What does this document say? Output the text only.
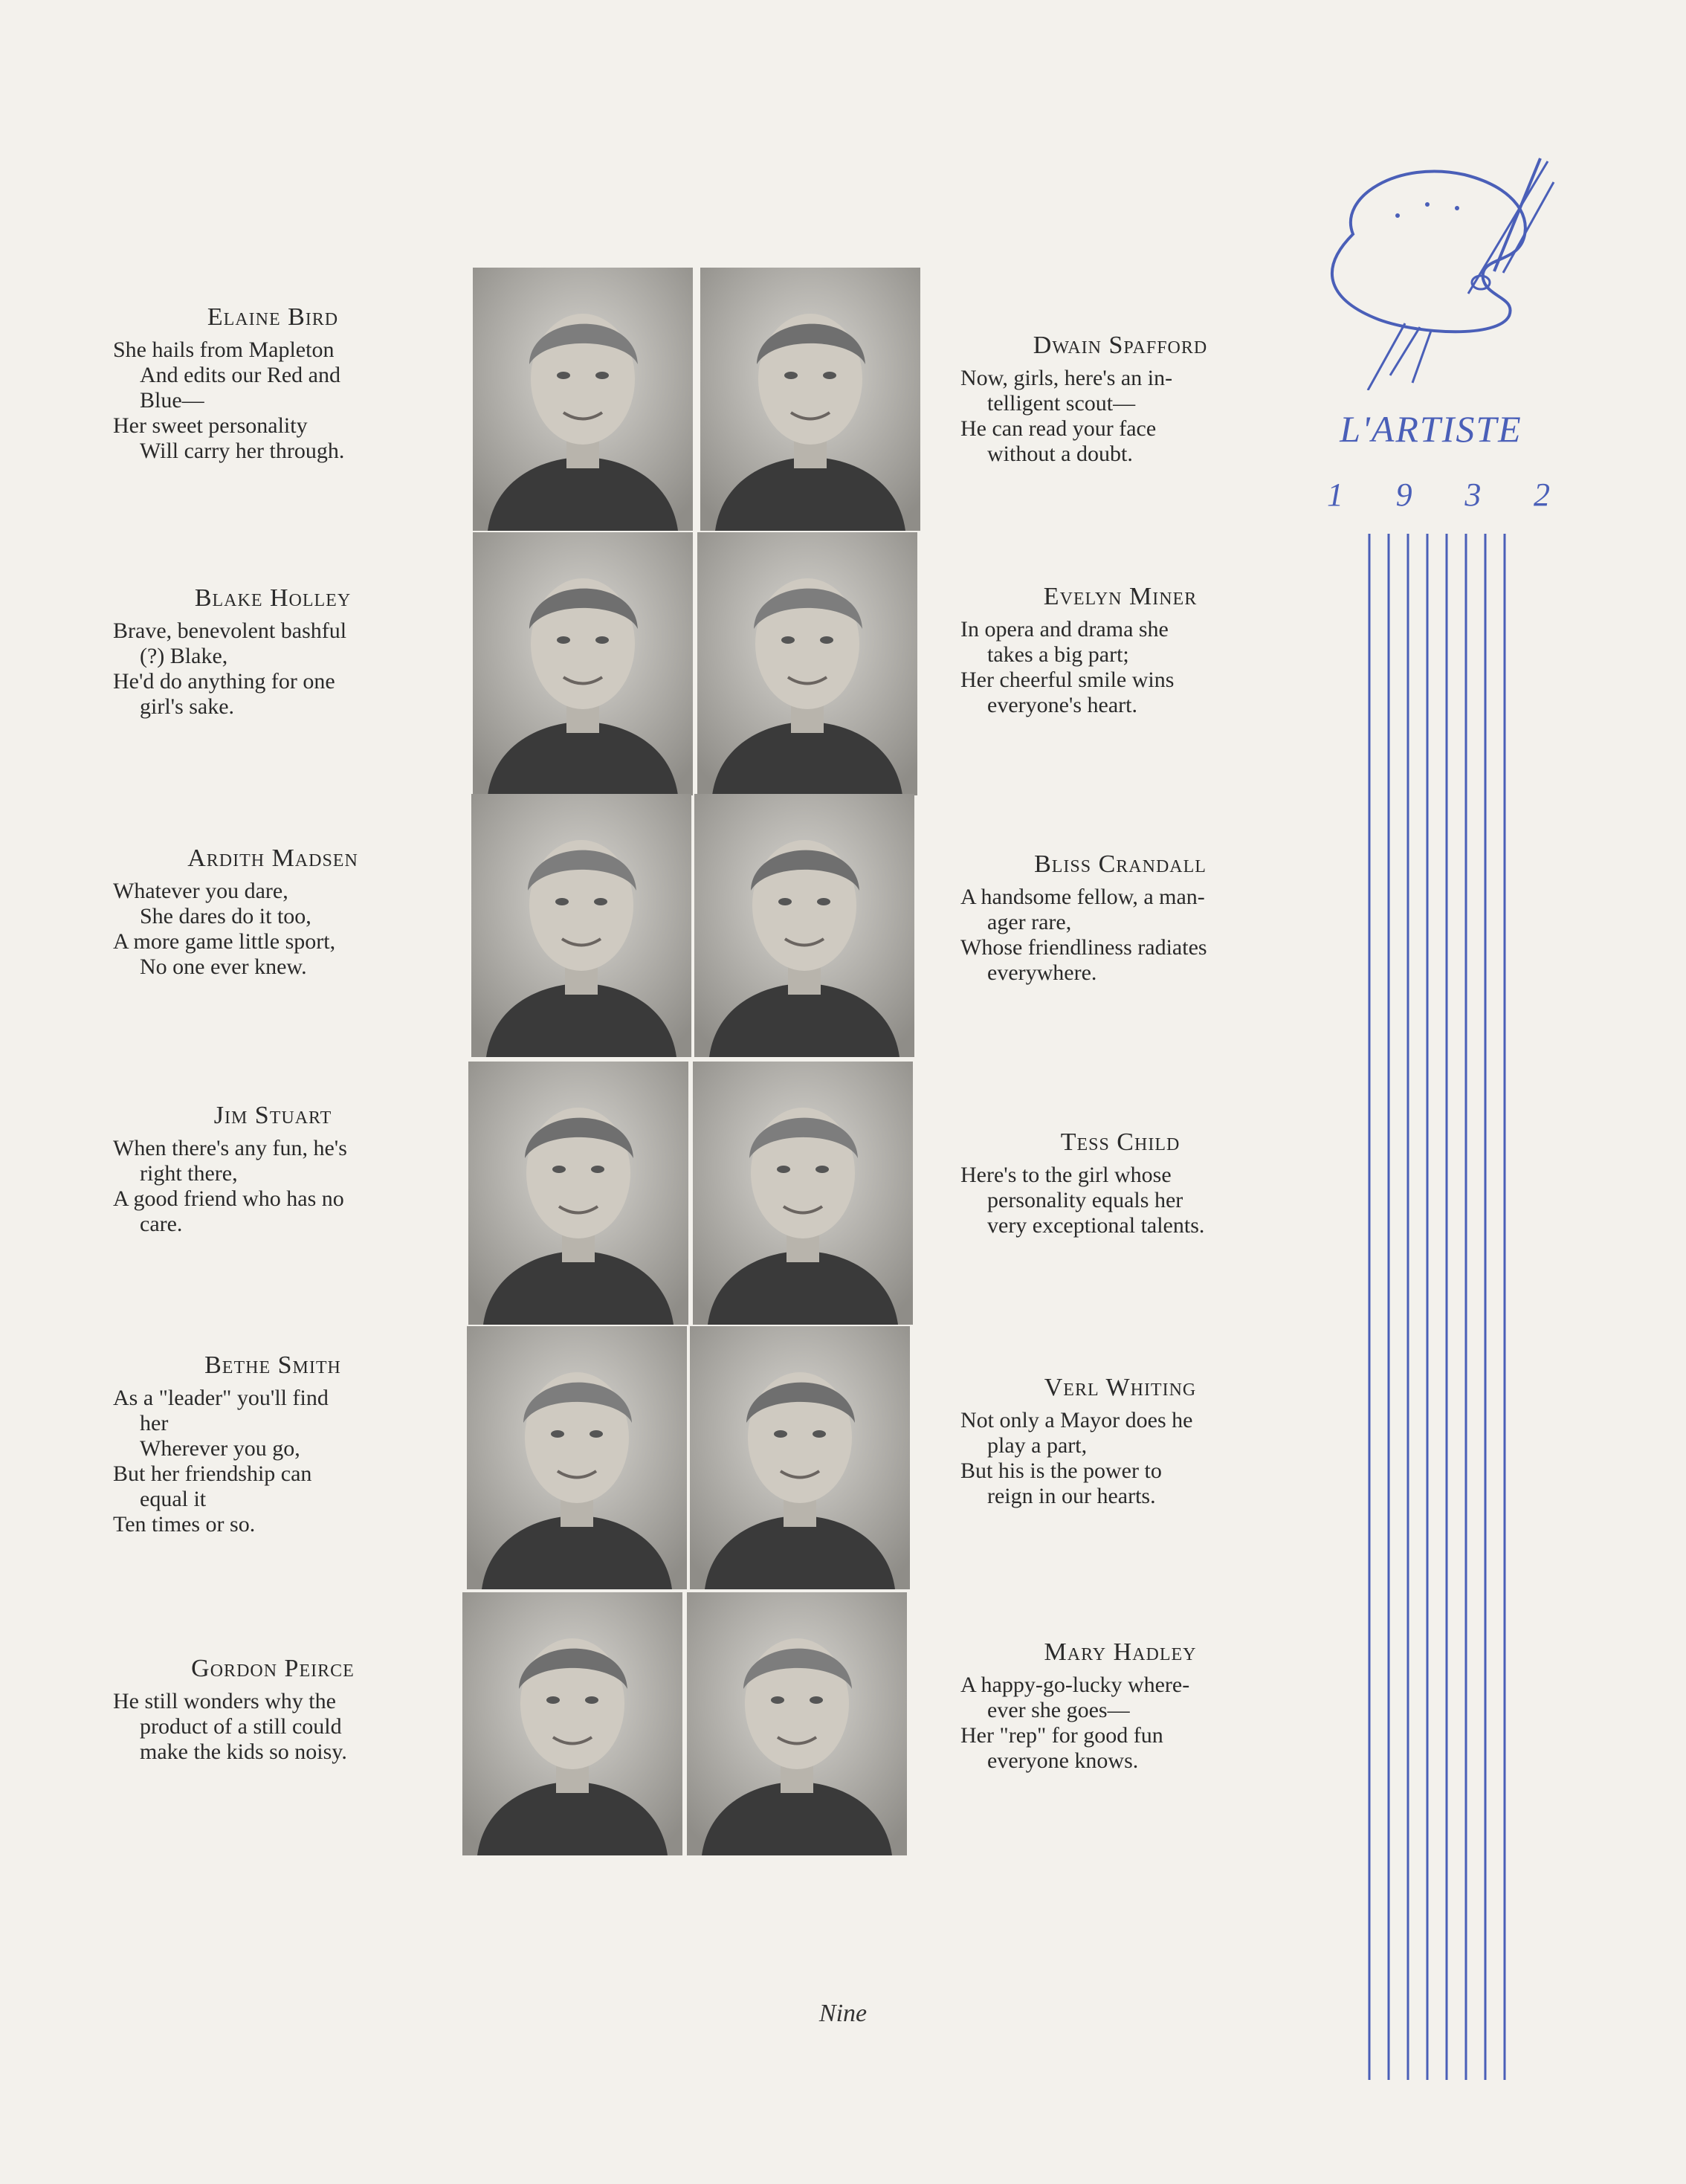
Elaine Bird
She hails from Mapleton
And edits our Red and
Blue—
Her sweet personality
Will carry her through.
Blake Holley
Brave, benevolent bashful
(?) Blake,
He'd do anything for one
girl's sake.
Ardith Madsen
Whatever you dare,
She dares do it too,
A more game little sport,
No one ever knew.
Jim Stuart
When there's any fun, he's
right there,
A good friend who has no
care.
Bethe Smith
As a "leader" you'll find
her
Wherever you go,
But her friendship can
equal it
Ten times or so.
Gordon Peirce
He still wonders why the
product of a still could
make the kids so noisy.
Dwain Spafford
Now, girls, here's an in-
telligent scout—
He can read your face
without a doubt.
Evelyn Miner
In opera and drama she
takes a big part;
Her cheerful smile wins
everyone's heart.
Bliss Crandall
A handsome fellow, a man-
ager rare,
Whose friendliness radiates
everywhere.
Tess Child
Here's to the girl whose
personality equals her
very exceptional talents.
Verl Whiting
Not only a Mayor does he
play a part,
But his is the power to
reign in our hearts.
Mary Hadley
A happy-go-lucky where-
ever she goes—
Her "rep" for good fun
everyone knows.
L'ARTISTE
1 9 3 2
Nine
